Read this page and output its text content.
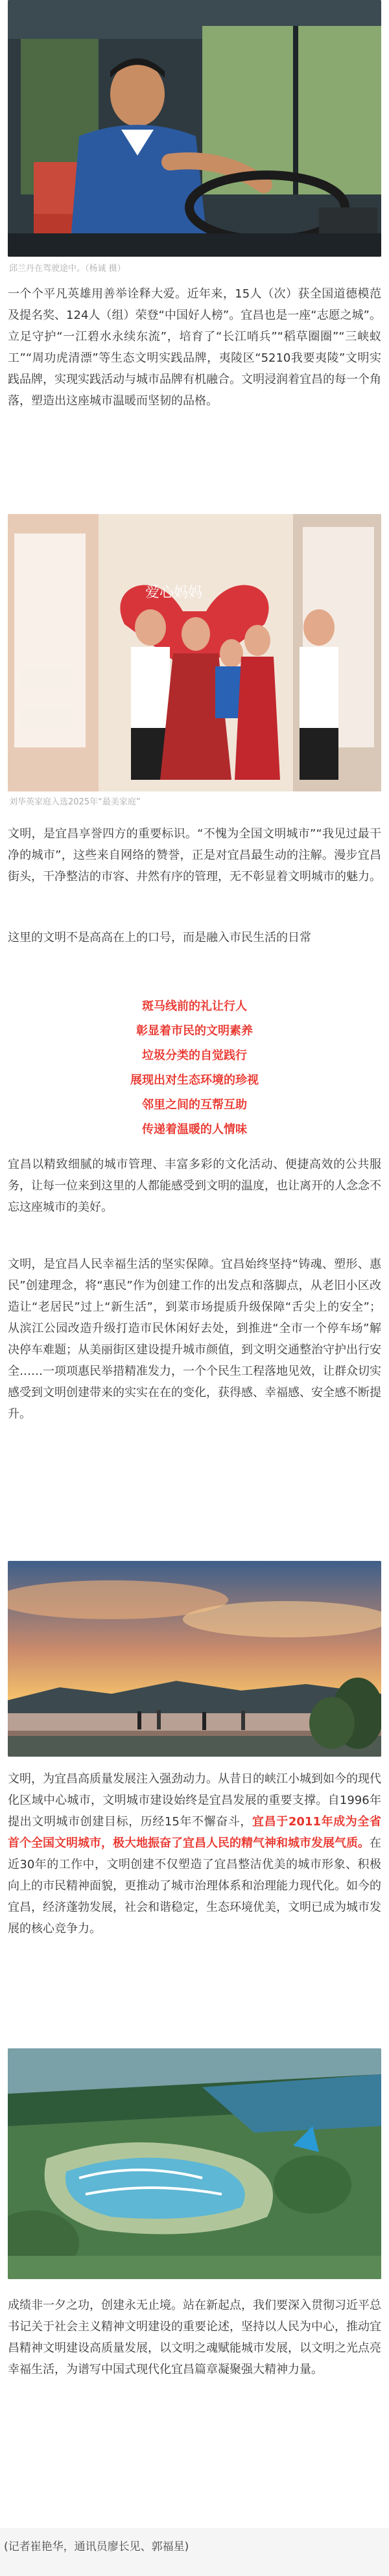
邱兰丹在驾驶途中。（杨诚 摄）

一个个平凡英雄用善举诠释大爱。近年来，15人（次）获全国道德模范及提名奖、124人（组）荣登“中国好人榜”。宜昌也是一座“志愿之城”。立足守护“一江碧水永续东流”，培育了“长江哨兵”“稻草圈圈”“三峡蚁工”“周功虎清漂”等生态文明实践品牌，夷陵区“5210我要夷陵”文明实践品牌，实现实践活动与城市品牌有机融合。文明浸润着宜昌的每一个角落，塑造出这座城市温暖而坚韧的品格。

爱心妈妈
刘华英家庭入选2025年“最美家庭”

文明，是宜昌享誉四方的重要标识。“不愧为全国文明城市”“我见过最干净的城市”，这些来自网络的赞誉，正是对宜昌最生动的注解。漫步宜昌街头，干净整洁的市容、井然有序的管理，无不彰显着文明城市的魅力。

这里的文明不是高高在上的口号，而是融入市民生活的日常

斑马线前的礼让行人
彰显着市民的文明素养
垃圾分类的自觉践行
展现出对生态环境的珍视
邻里之间的互帮互助
传递着温暖的人情味

宜昌以精致细腻的城市管理、丰富多彩的文化活动、便捷高效的公共服务，让每一位来到这里的人都能感受到文明的温度，也让离开的人念念不忘这座城市的美好。

文明，是宜昌人民幸福生活的坚实保障。宜昌始终坚持“铸魂、塑形、惠民”创建理念，将“惠民”作为创建工作的出发点和落脚点，从老旧小区改造让“老居民”过上“新生活”，到菜市场提质升级保障“舌尖上的安全”；从滨江公园改造升级打造市民休闲好去处，到推进“全市一个停车场”解决停车难题；从美丽街区建设提升城市颜值，到文明交通整治守护出行安全……一项项惠民举措精准发力，一个个民生工程落地见效，让群众切实感受到文明创建带来的实实在在的变化，获得感、幸福感、安全感不断提升。

文明，为宜昌高质量发展注入强劲动力。从昔日的峡江小城到如今的现代化区域中心城市，文明城市建设始终是宜昌发展的重要支撑。自1996年提出文明城市创建目标，历经15年不懈奋斗，宜昌于2011年成为全省首个全国文明城市，极大地振奋了宜昌人民的精气神和城市发展气质。在近30年的工作中，文明创建不仅塑造了宜昌整洁优美的城市形象、积极向上的市民精神面貌，更推动了城市治理体系和治理能力现代化。如今的宜昌，经济蓬勃发展，社会和谐稳定，生态环境优美，文明已成为城市发展的核心竞争力。

成绩非一夕之功，创建永无止境。站在新起点，我们要深入贯彻习近平总书记关于社会主义精神文明建设的重要论述，坚持以人民为中心，推动宜昌精神文明建设高质量发展，以文明之魂赋能城市发展，以文明之光点亮幸福生活，为谱写中国式现代化宜昌篇章凝聚强大精神力量。

(记者崔艳华，通讯员廖长见、郭福星)
